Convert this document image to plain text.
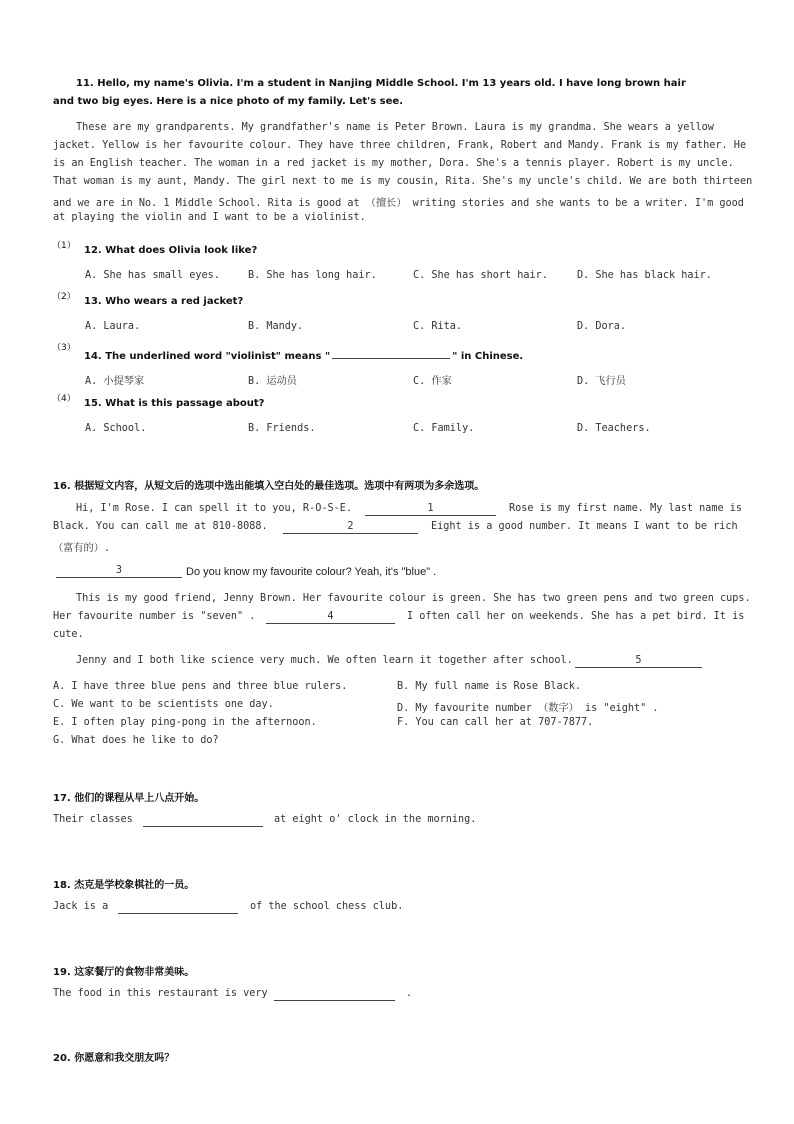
11. Hello, my name's Olivia. I'm a student in Nanjing Middle School. I'm 13 years old. I have long brown hair
and two big eyes. Here is a nice photo of my family. Let's see.
These are my grandparents. My grandfather's name is Peter Brown. Laura is my grandma. She wears a yellow
jacket. Yellow is her favourite colour. They have three children, Frank, Robert and Mandy. Frank is my father. He
is an English teacher. The woman in a red jacket is my mother, Dora. She's a tennis player. Robert is my uncle.
That woman is my aunt, Mandy. The girl next to me is my cousin, Rita. She's my uncle's child. We are both thirteen
and we are in No. 1 Middle School. Rita is good at （擅长） writing stories and she wants to be a writer. I'm good
at playing the violin and I want to be a violinist.
（1） 12. What does Olivia look like?
A. She has small eyes.	B. She has long hair.	C. She has short hair.	D. She has black hair.
（2） 13. Who wears a red jacket?
A. Laura.	B. Mandy.	C. Rita.	D. Dora.
（3）
14. The underlined word "violinist" means "	" in Chinese.
A. 小提琴家	B. 运动员	C. 作家	D. 飞行员
（4） 15. What is this passage about?
A. School.	B. Friends.	C. Family.	D. Teachers.
16. 根据短文内容，从短文后的选项中选出能填入空白处的最佳选项。选项中有两项为多余选项。
Hi, I'm Rose. I can spell it to you, R-O-S-E.	1	Rose is my first name. My last name is
Black. You can call me at 810-8088.	2	Eight is a good number. It means I want to be rich
（富有的）.
3	Do you know my favourite colour? Yeah, it's "blue" .
This is my good friend, Jenny Brown. Her favourite colour is green. She has two green pens and two green cups.
Her favourite number is "seven" .	4	I often call her on weekends. She has a pet bird. It is
cute.
Jenny and I both like science very much. We often learn it together after school.	5
A. I have three blue pens and three blue rulers.	B. My full name is Rose Black.
C. We want to be scientists one day.	D. My favourite number （数字） is "eight" .
E. I often play ping-pong in the afternoon.	F. You can call her at 707-7877.
G. What does he like to do?
17. 他们的课程从早上八点开始。
Their classes	at eight o' clock in the morning.
18. 杰克是学校象棋社的一员。
Jack is a	of the school chess club.
19. 这家餐厅的食物非常美味。
The food in this restaurant is very	.
20. 你愿意和我交朋友吗？
